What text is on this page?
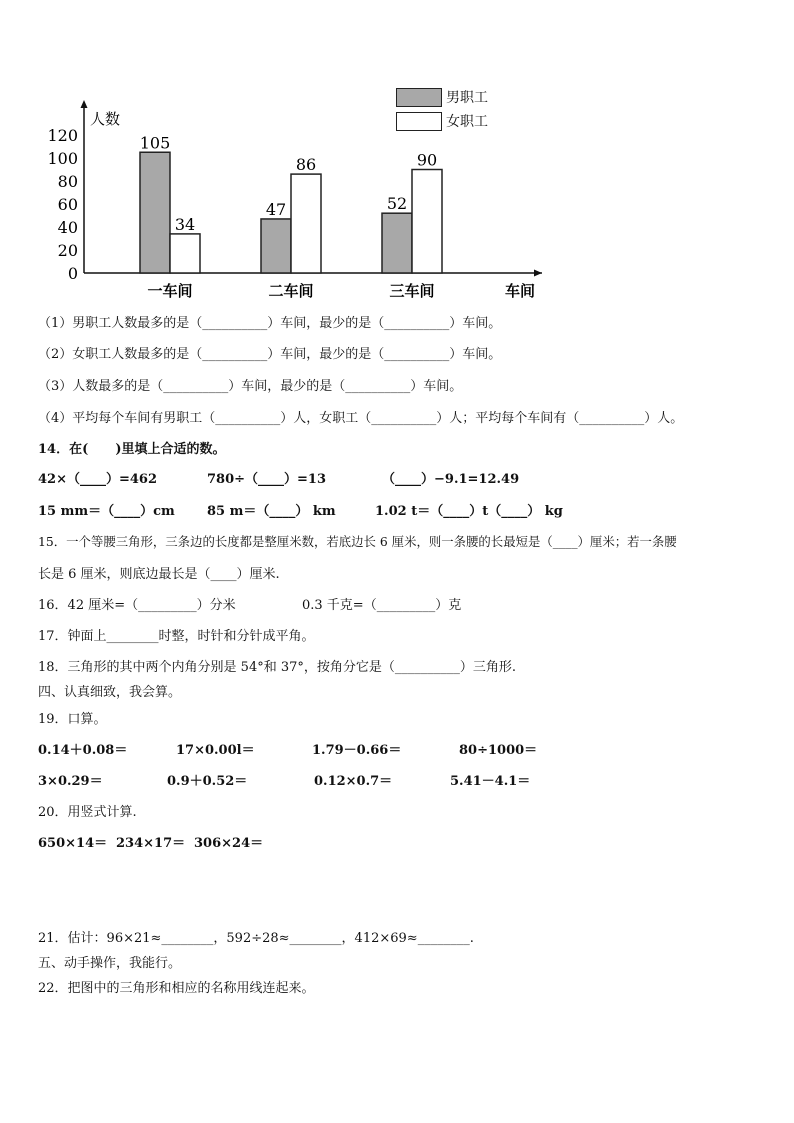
人数
0
20
40
60
80
100
120	105
34
一车间
47
86
二车间
52
90
三车间	车间
男职工
女职工
（1）男职工人数最多的是（__________）车间，最少的是（__________）车间。
（2）女职工人数最多的是（__________）车间，最少的是（__________）车间。
（3）人数最多的是（__________）车间，最少的是（__________）车间。
（4）平均每个车间有男职工（__________）人，女职工（__________）人；平均每个车间有（__________）人。
14．在(      )里填上合适的数。
42×（____）=462	780÷（____）=13	（____）−9.1=12.49
15 mm＝（____）cm 85 m＝（____） km	1.02 t＝（____）t（____） kg
15．一个等腰三角形，三条边的长度都是整厘米数，若底边长 6 厘米，则一条腰的长最短是（____）厘米；若一条腰
长是 6 厘米，则底边最长是（____）厘米.
16．42 厘米=（_________）分米	0.3 千克=（_________）克
17．钟面上________时整，时针和分针成平角。
18．三角形的其中两个内角分别是 54°和 37°，按角分它是（__________）三角形.
四、认真细致，我会算。
19．口算。
0.14＋0.08＝	17×0.00l＝	1.79－0.66＝	80÷1000＝
3×0.29＝	0.9＋0.52＝	0.12×0.7＝	5.41－4.1＝
20．用竖式计算.
650×14＝ 234×17＝ 306×24＝
21．估计：96×21≈________，592÷28≈________，412×69≈________.
五、动手操作，我能行。
22．把图中的三角形和相应的名称用线连起来。
